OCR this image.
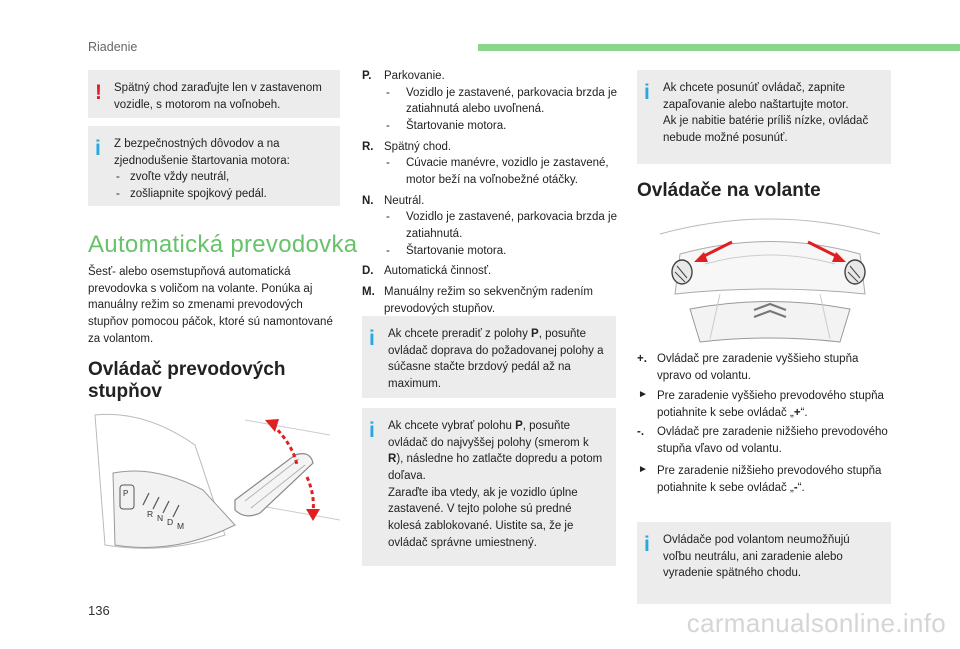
Riadenie
! Spätný chod zaraďujte len v zastavenom vozidle, s motorom na voľnobeh.

i Z bezpečnostných dôvodov a na zjednodušenie štartovania motora:

- zvoľte vždy neutrál,
- zošliapnite spojkový pedál.
Automatická prevodovka
Šesť- alebo osemstupňová automatická prevodovka s voličom na volante. Ponúka aj manuálny režim so zmenami prevodových stupňov pomocou páčok, ktoré sú namontované za volantom.
Ovládač prevodových stupňov
P
R N D M
P. Parkovanie.
- Vozidlo je zastavené, parkovacia brzda je zatiahnutá alebo uvoľnená.
- Štartovanie motora.
R. Spätný chod.
- Cúvacie manévre, vozidlo je zastavené, motor beží na voľnobežné otáčky.
N. Neutrál.
- Vozidlo je zastavené, parkovacia brzda je zatiahnutá.
- Štartovanie motora.
D. Automatická činnosť.
M. Manuálny režim so sekvenčným radením prevodových stupňov.
i Ak chcete preradiť z polohy P, posuňte ovládač doprava do požadovanej polohy a súčasne stačte brzdový pedál až na maximum.

i Ak chcete vybrať polohu P, posuňte ovládač do najvyššej polohy (smerom k R), následne ho zatlačte dopredu a potom doľava.

Zaraďte iba vtedy, ak je vozidlo úplne zastavené. V tejto polohe sú predné kolesá zablokované. Uistite sa, že je ovládač správne umiestnený.

i Ak chcete posunúť ovládač, zapnite zapaľovanie alebo naštartujte motor.

Ak je nabitie batérie príliš nízke, ovládač nebude možné posunúť.

Ovládače na volante
+. Ovládač pre zaradenie vyššieho stupňa vpravo od volantu.
► Pre zaradenie vyššieho prevodového stupňa potiahnite k sebe ovládač „+“.
-. Ovládač pre zaradenie nižšieho prevodového stupňa vľavo od volantu.
► Pre zaradenie nižšieho prevodového stupňa potiahnite k sebe ovládač „-“.
i Ovládače pod volantom neumožňujú voľbu neutrálu, ani zaradenie alebo vyradenie spätného chodu.

136	carmanualsonline.info
